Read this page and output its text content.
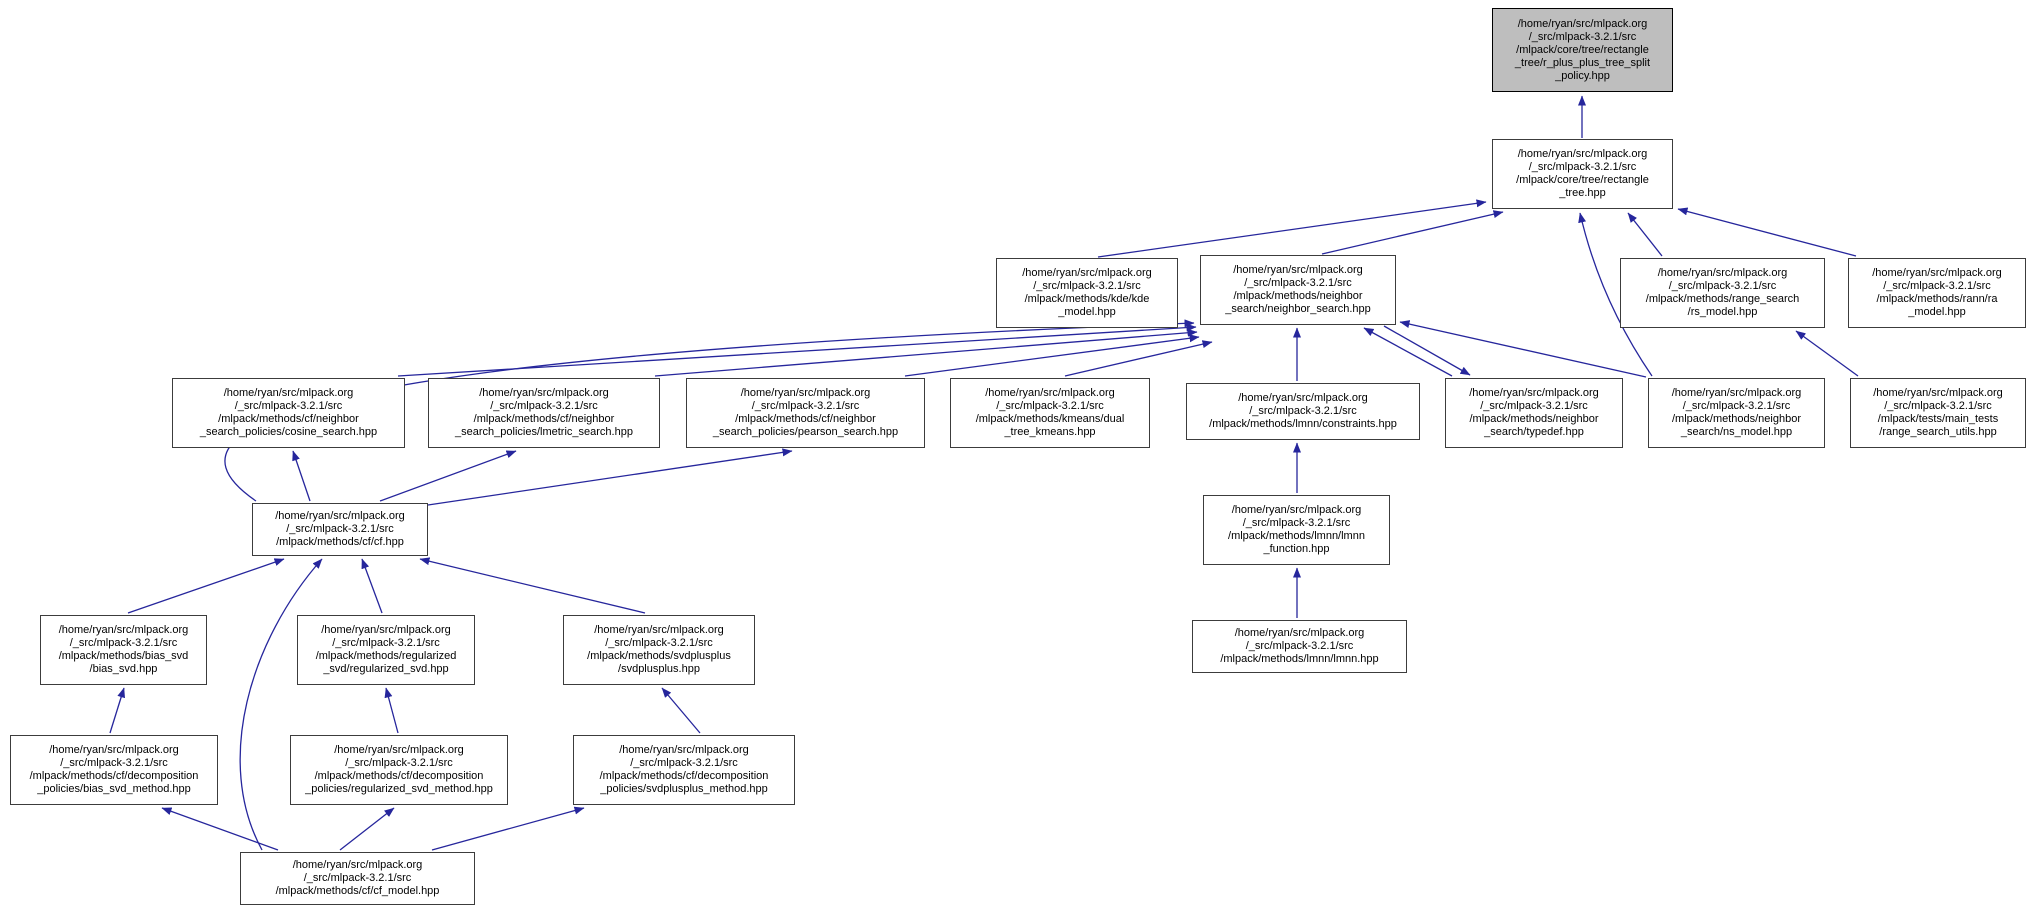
/home/ryan/src/mlpack.org
/_src/mlpack-3.2.1/src
/mlpack/core/tree/rectangle
_tree/r_plus_plus_tree_split
_policy.hpp
/home/ryan/src/mlpack.org
/_src/mlpack-3.2.1/src
/mlpack/core/tree/rectangle
_tree.hpp
/home/ryan/src/mlpack.org
/_src/mlpack-3.2.1/src
/mlpack/methods/kde/kde
_model.hpp
/home/ryan/src/mlpack.org
/_src/mlpack-3.2.1/src
/mlpack/methods/neighbor
_search/neighbor_search.hpp
/home/ryan/src/mlpack.org
/_src/mlpack-3.2.1/src
/mlpack/methods/range_search
/rs_model.hpp
/home/ryan/src/mlpack.org
/_src/mlpack-3.2.1/src
/mlpack/methods/rann/ra
_model.hpp
/home/ryan/src/mlpack.org
/_src/mlpack-3.2.1/src
/mlpack/methods/cf/neighbor
_search_policies/cosine_search.hpp
/home/ryan/src/mlpack.org
/_src/mlpack-3.2.1/src
/mlpack/methods/cf/neighbor
_search_policies/lmetric_search.hpp
/home/ryan/src/mlpack.org
/_src/mlpack-3.2.1/src
/mlpack/methods/cf/neighbor
_search_policies/pearson_search.hpp
/home/ryan/src/mlpack.org
/_src/mlpack-3.2.1/src
/mlpack/methods/kmeans/dual
_tree_kmeans.hpp
/home/ryan/src/mlpack.org
/_src/mlpack-3.2.1/src
/mlpack/methods/lmnn/constraints.hpp
/home/ryan/src/mlpack.org
/_src/mlpack-3.2.1/src
/mlpack/methods/neighbor
_search/typedef.hpp
/home/ryan/src/mlpack.org
/_src/mlpack-3.2.1/src
/mlpack/methods/neighbor
_search/ns_model.hpp
/home/ryan/src/mlpack.org
/_src/mlpack-3.2.1/src
/mlpack/tests/main_tests
/range_search_utils.hpp
/home/ryan/src/mlpack.org
/_src/mlpack-3.2.1/src
/mlpack/methods/cf/cf.hpp
/home/ryan/src/mlpack.org
/_src/mlpack-3.2.1/src
/mlpack/methods/lmnn/lmnn
_function.hpp
/home/ryan/src/mlpack.org
/_src/mlpack-3.2.1/src
/mlpack/methods/lmnn/lmnn.hpp
/home/ryan/src/mlpack.org
/_src/mlpack-3.2.1/src
/mlpack/methods/bias_svd
/bias_svd.hpp
/home/ryan/src/mlpack.org
/_src/mlpack-3.2.1/src
/mlpack/methods/regularized
_svd/regularized_svd.hpp
/home/ryan/src/mlpack.org
/_src/mlpack-3.2.1/src
/mlpack/methods/svdplusplus
/svdplusplus.hpp
/home/ryan/src/mlpack.org
/_src/mlpack-3.2.1/src
/mlpack/methods/cf/decomposition
_policies/bias_svd_method.hpp
/home/ryan/src/mlpack.org
/_src/mlpack-3.2.1/src
/mlpack/methods/cf/decomposition
_policies/regularized_svd_method.hpp
/home/ryan/src/mlpack.org
/_src/mlpack-3.2.1/src
/mlpack/methods/cf/decomposition
_policies/svdplusplus_method.hpp
/home/ryan/src/mlpack.org
/_src/mlpack-3.2.1/src
/mlpack/methods/cf/cf_model.hpp
